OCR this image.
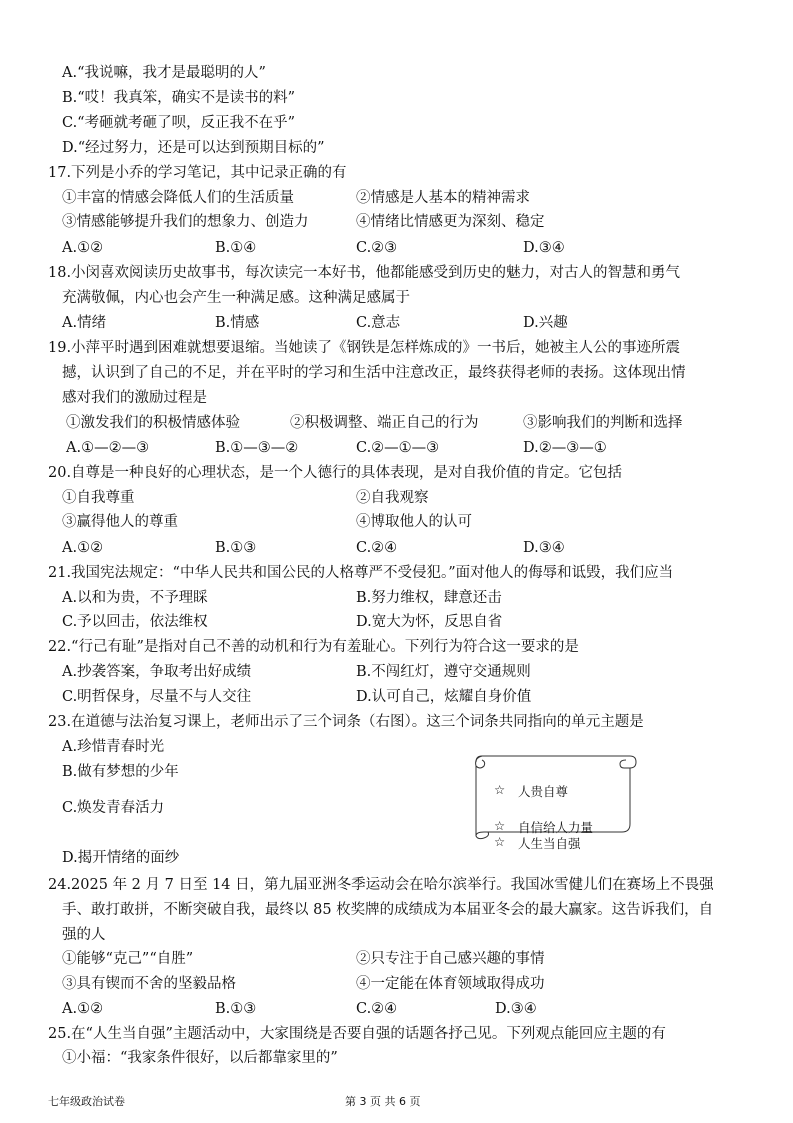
A.“我说嘛，我才是最聪明的人”
B.“哎！我真笨，确实不是读书的料”
C.“考砸就考砸了呗，反正我不在乎”
D.“经过努力，还是可以达到预期目标的”
17.下列是小乔的学习笔记，其中记录正确的有
①丰富的情感会降低人们的生活质量	②情感是人基本的精神需求
③情感能够提升我们的想象力、创造力	④情绪比情感更为深刻、稳定
A.①②	B.①④	C.②③	D.③④
18.小闵喜欢阅读历史故事书，每次读完一本好书，他都能感受到历史的魅力，对古人的智慧和勇气
充满敬佩，内心也会产生一种满足感。这种满足感属于
A.情绪	B.情感	C.意志	D.兴趣
19.小萍平时遇到困难就想要退缩。当她读了《钢铁是怎样炼成的》一书后，她被主人公的事迹所震
撼，认识到了自己的不足，并在平时的学习和生活中注意改正，最终获得老师的表扬。这体现出情
感对我们的激励过程是
①激发我们的积极情感体验	②积极调整、端正自己的行为	③影响我们的判断和选择
A.①—②—③	B.①—③—②	C.②—①—③	D.②—③—①
20.自尊是一种良好的心理状态，是一个人德行的具体表现，是对自我价值的肯定。它包括
①自我尊重	②自我观察
③赢得他人的尊重	④博取他人的认可
A.①②	B.①③	C.②④	D.③④
21.我国宪法规定：“中华人民共和国公民的人格尊严不受侵犯。”面对他人的侮辱和诋毁，我们应当
A.以和为贵，不予理睬	B.努力维权，肆意还击
C.予以回击，依法维权	D.宽大为怀，反思自省
22.“行己有耻”是指对自己不善的动机和行为有羞耻心。下列行为符合这一要求的是
A.抄袭答案，争取考出好成绩	B.不闯红灯，遵守交通规则
C.明哲保身，尽量不与人交往	D.认可自己，炫耀自身价值
23.在道德与法治复习课上，老师出示了三个词条（右图）。这三个词条共同指向的单元主题是
A.珍惜青春时光
B.做有梦想的少年
C.焕发青春活力
D.揭开情绪的面纱
☆ 人贵自尊
☆ 自信给人力量
☆ 人生当自强
24.2025 年 2 月 7 日至 14 日，第九届亚洲冬季运动会在哈尔滨举行。我国冰雪健儿们在赛场上不畏强
手、敢打敢拼，不断突破自我，最终以 85 枚奖牌的成绩成为本届亚冬会的最大赢家。这告诉我们，自
强的人
①能够“克己”“自胜”	②只专注于自己感兴趣的事情
③具有锲而不舍的坚毅品格	④一定能在体育领域取得成功
A.①②	B.①③	C.②④	D.③④
25.在“人生当自强”主题活动中，大家围绕是否要自强的话题各抒己见。下列观点能回应主题的有
①小福：“我家条件很好，以后都靠家里的”
七年级政治试卷	第 3 页 共 6 页
